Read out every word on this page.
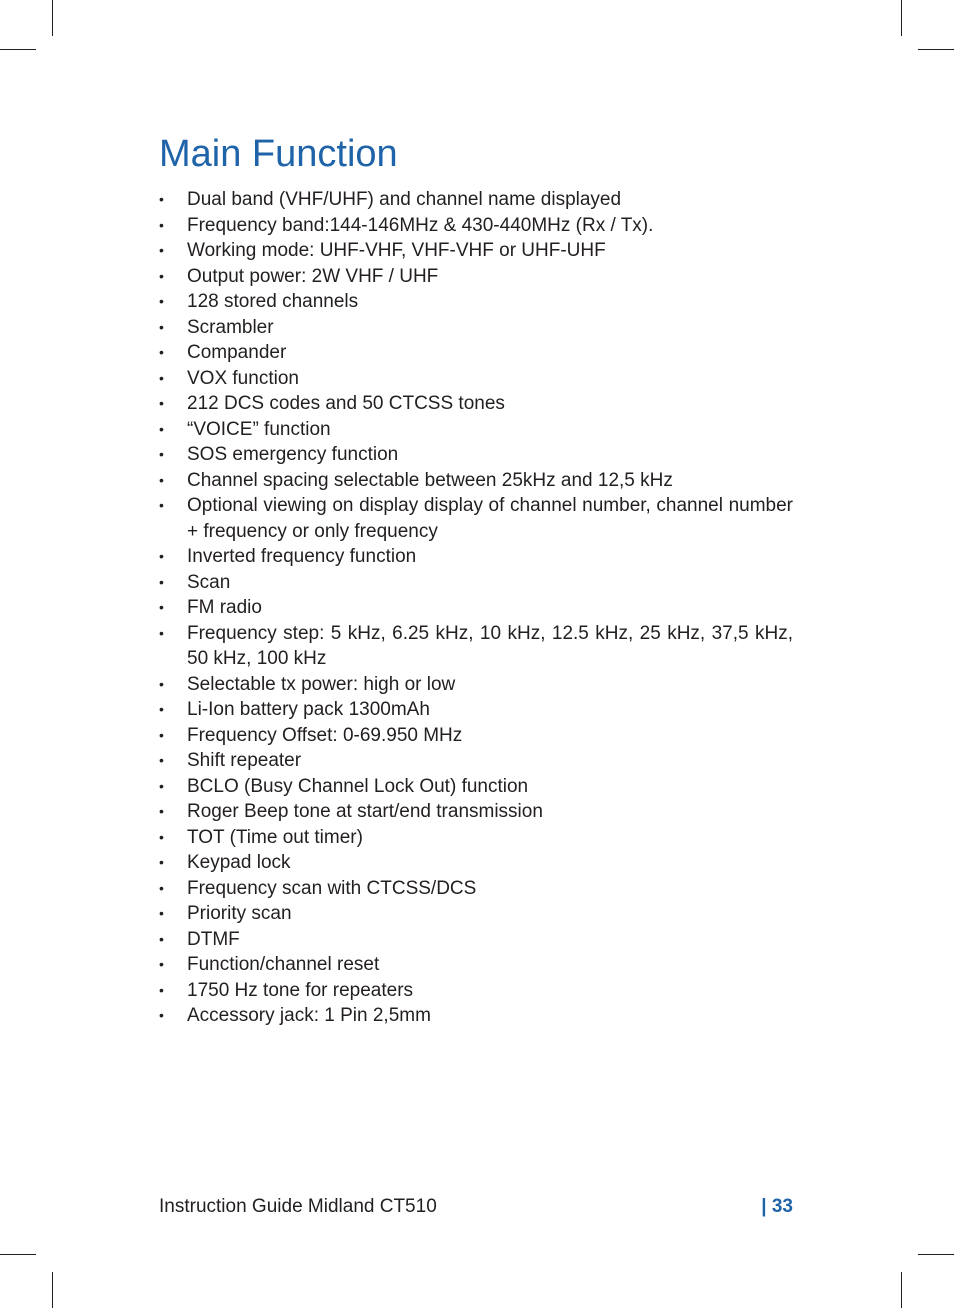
Main Function
•	Dual band (VHF/UHF) and channel name displayed
•	Frequency band:144-146MHz & 430-440MHz (Rx / Tx).
•	Working mode: UHF-VHF, VHF-VHF or UHF-UHF
•	Output power: 2W VHF / UHF
•	128 stored channels
•	Scrambler
•	Compander
•	VOX function
•	212 DCS codes and 50 CTCSS tones
•	“VOICE” function
•	SOS emergency function
•	Channel spacing selectable between 25kHz and 12,5 kHz
•	Optional viewing on display display of channel number, channel number + frequency or only frequency
•	Inverted frequency function
•	Scan
•	FM radio
•	Frequency step: 5 kHz, 6.25 kHz, 10 kHz, 12.5 kHz, 25 kHz, 37,5 kHz, 50 kHz, 100 kHz
•	Selectable tx power: high or low
•	Li-Ion battery pack 1300mAh
•	Frequency Offset: 0-69.950 MHz
•	Shift repeater
•	BCLO (Busy Channel Lock Out) function
•	Roger Beep tone at start/end transmission
•	TOT (Time out timer)
•	Keypad lock
•	Frequency scan with CTCSS/DCS
•	Priority scan
•	DTMF
•	Function/channel reset
•	1750 Hz tone for repeaters
•	Accessory jack: 1 Pin 2,5mm
Instruction Guide Midland CT510	| 33
